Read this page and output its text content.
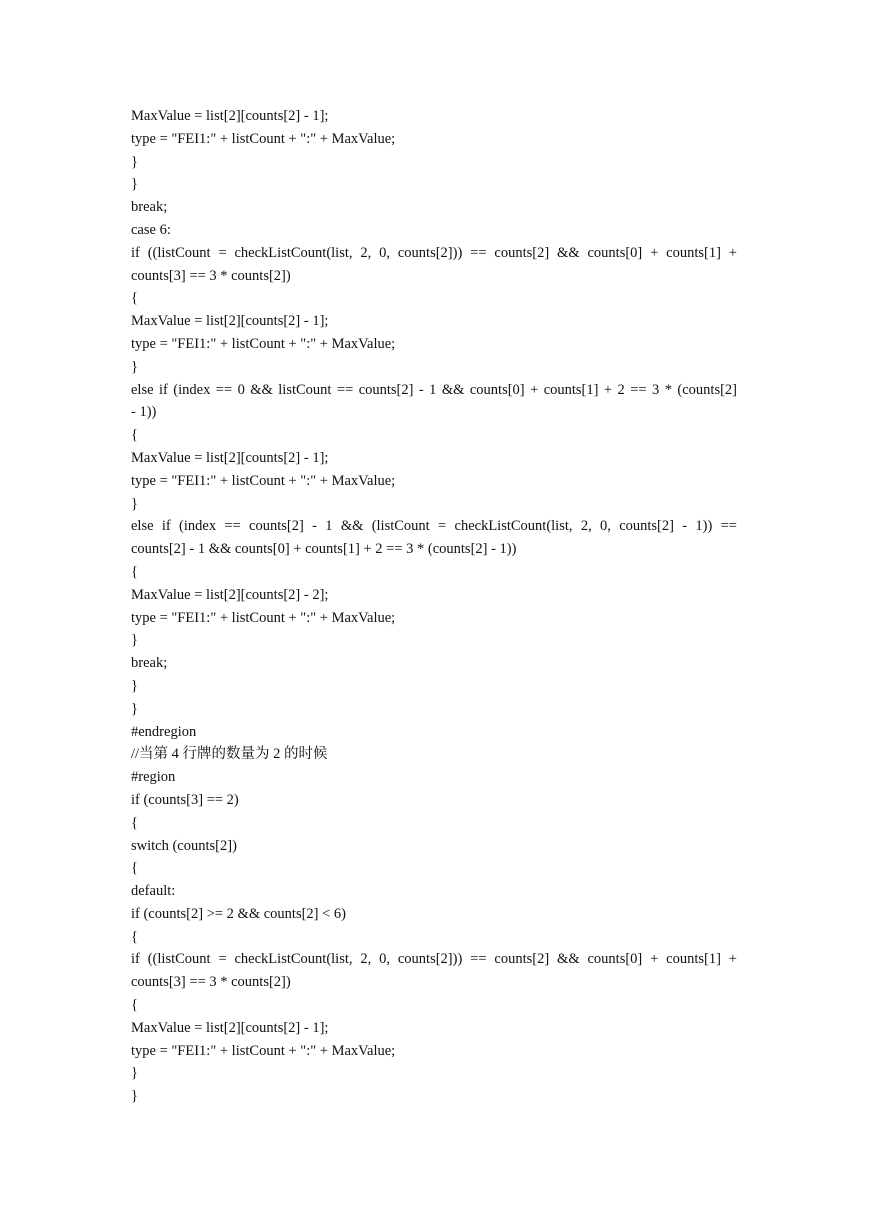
MaxValue = list[2][counts[2] - 1];
type = "FEI1:" + listCount + ":" + MaxValue;
}
}
break;
case 6:
if ((listCount = checkListCount(list, 2, 0, counts[2])) == counts[2] && counts[0] + counts[1] +
counts[3] == 3 * counts[2])
{
MaxValue = list[2][counts[2] - 1];
type = "FEI1:" + listCount + ":" + MaxValue;
}
else if (index == 0 && listCount == counts[2] - 1 && counts[0] + counts[1] + 2 == 3 * (counts[2]
- 1))
{
MaxValue = list[2][counts[2] - 1];
type = "FEI1:" + listCount + ":" + MaxValue;
}
else if (index == counts[2] - 1 && (listCount = checkListCount(list, 2, 0, counts[2] - 1)) ==
counts[2] - 1 && counts[0] + counts[1] + 2 == 3 * (counts[2] - 1))
{
MaxValue = list[2][counts[2] - 2];
type = "FEI1:" + listCount + ":" + MaxValue;
}
break;
}
}
#endregion
//当第 4 行牌的数量为 2 的时候
#region
if (counts[3] == 2)
{
switch (counts[2])
{
default:
if (counts[2] >= 2 && counts[2] < 6)
{
if ((listCount = checkListCount(list, 2, 0, counts[2])) == counts[2] && counts[0] + counts[1] +
counts[3] == 3 * counts[2])
{
MaxValue = list[2][counts[2] - 1];
type = "FEI1:" + listCount + ":" + MaxValue;
}
}
